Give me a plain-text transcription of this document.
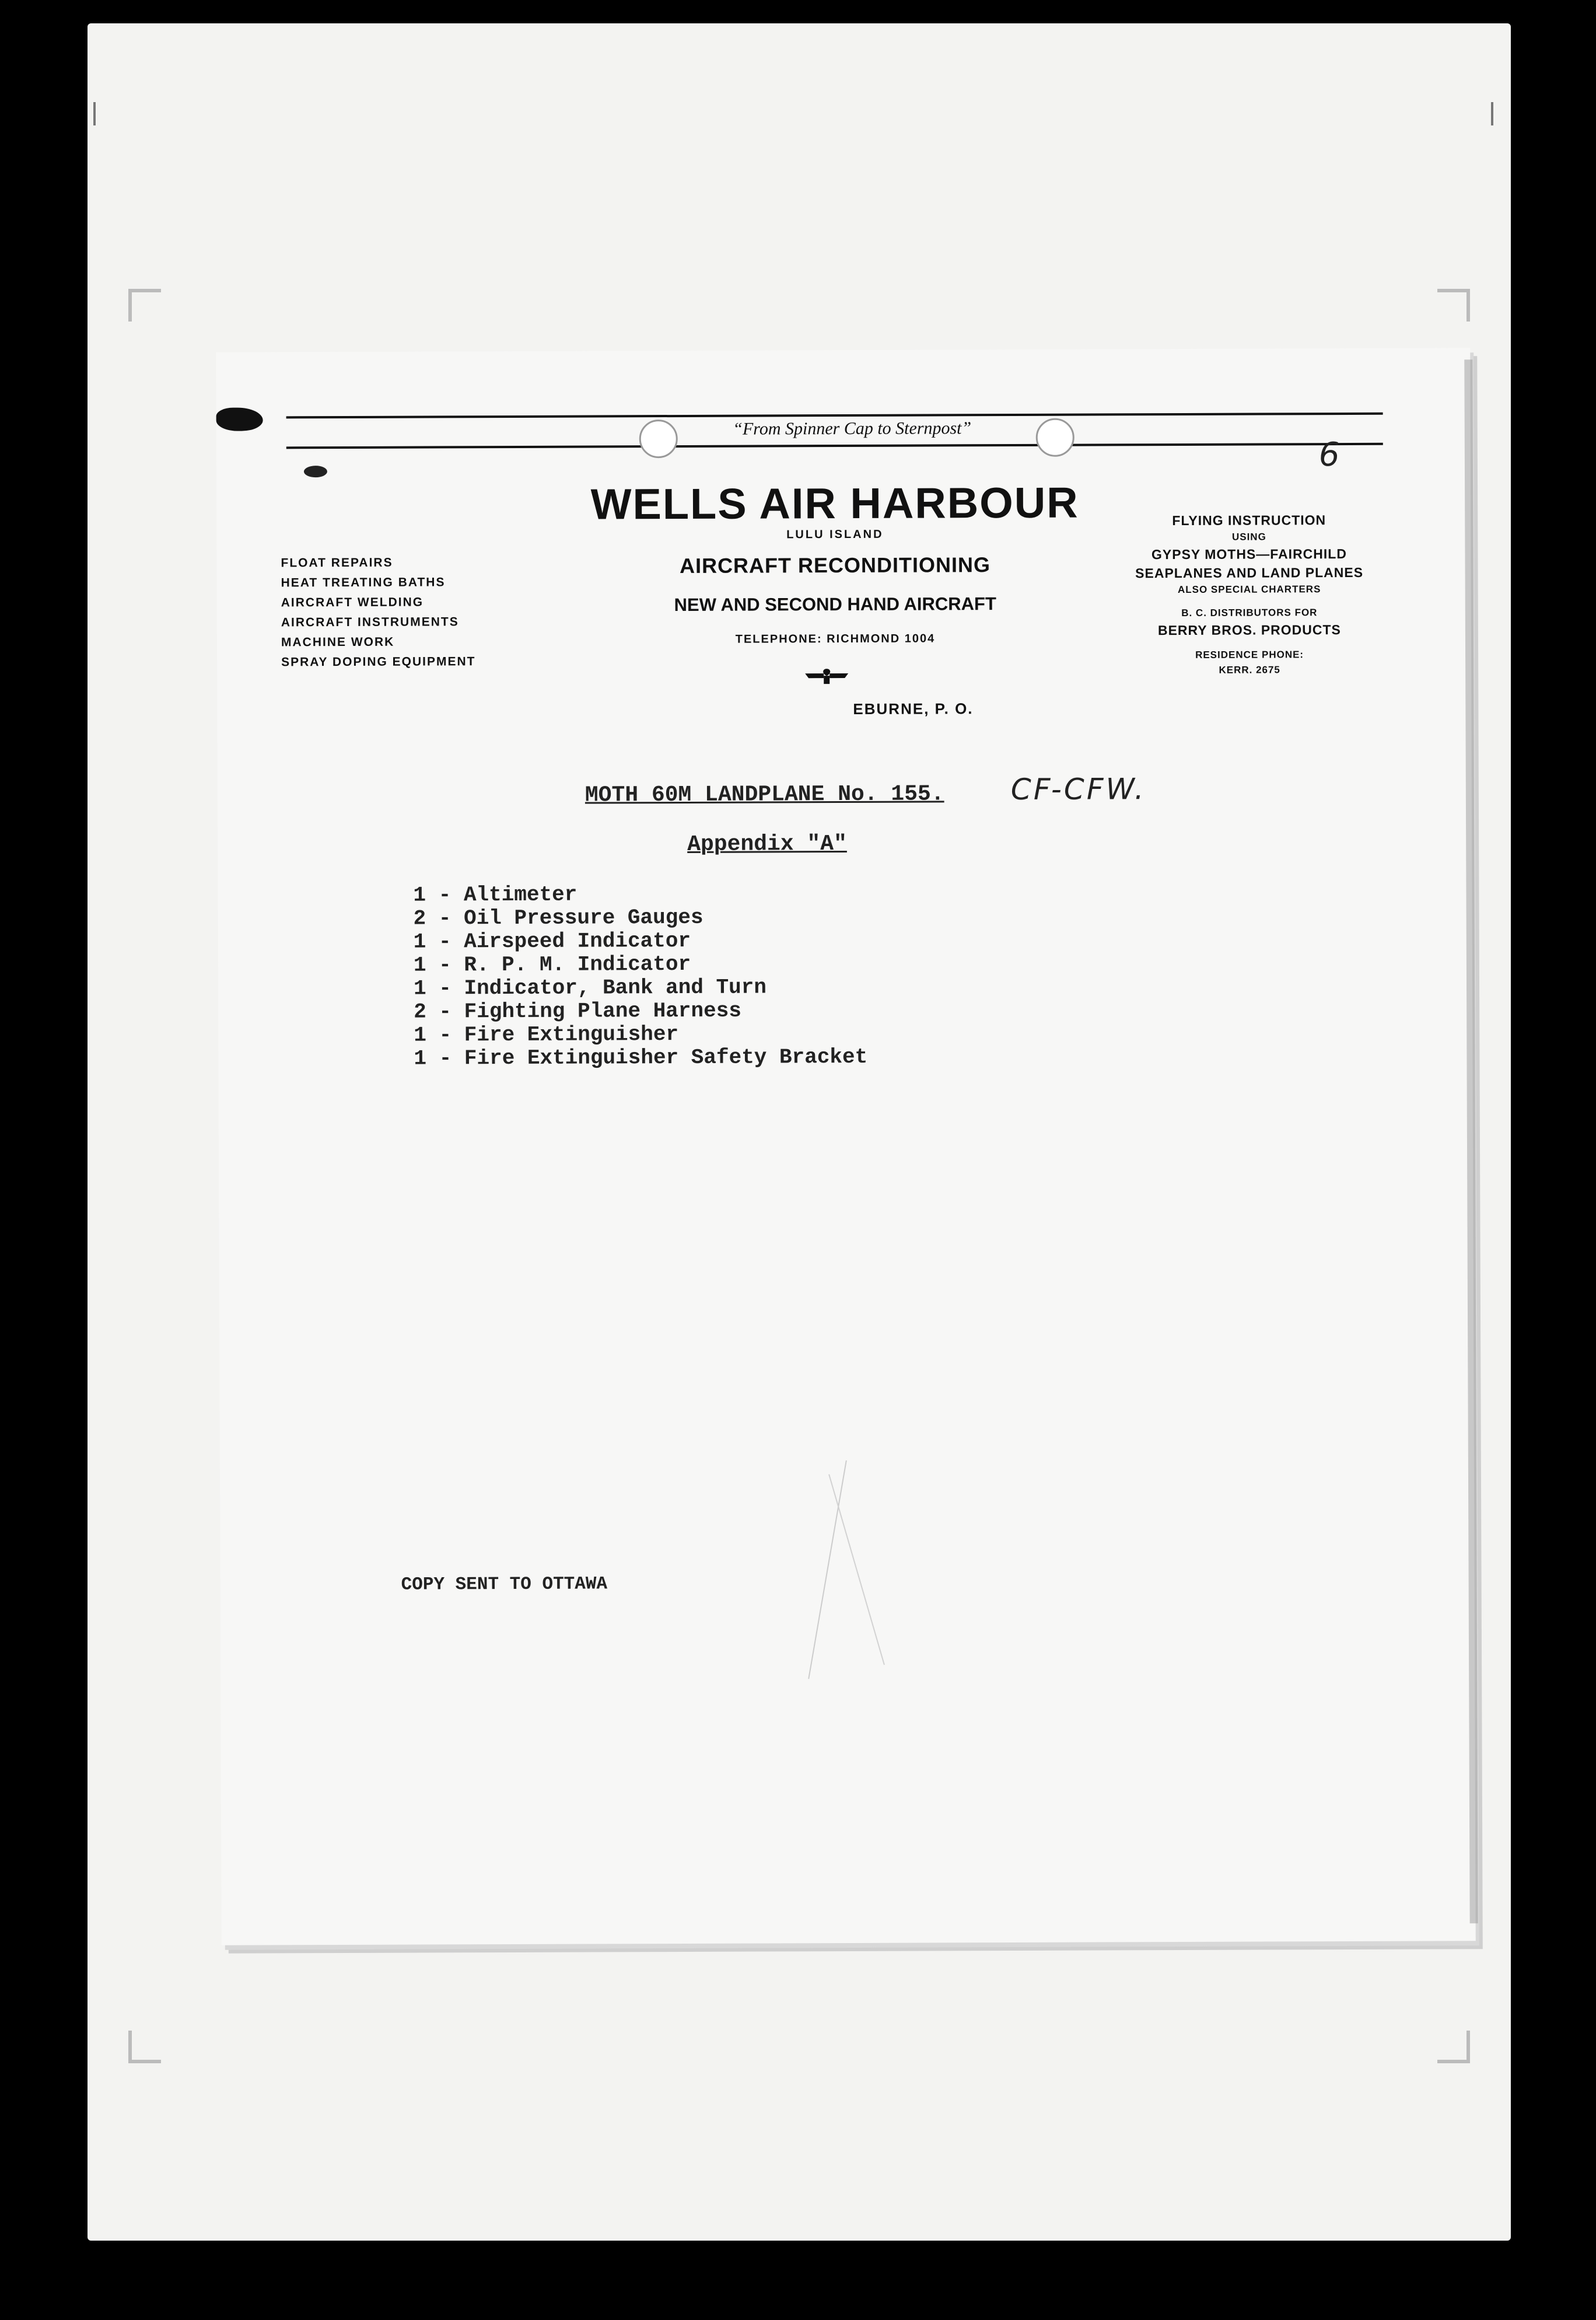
“From Spinner Cap to Sternpost”
6
WELLS AIR HARBOUR
LULU ISLAND
AIRCRAFT RECONDITIONING
NEW AND SECOND HAND AIRCRAFT
TELEPHONE: RICHMOND 1004
EBURNE, P. O.
FLOAT REPAIRS
HEAT TREATING BATHS
AIRCRAFT WELDING
AIRCRAFT INSTRUMENTS
MACHINE WORK
SPRAY DOPING EQUIPMENT
FLYING INSTRUCTION
USING
GYPSY MOTHS—FAIRCHILD
SEAPLANES AND LAND PLANES
ALSO SPECIAL CHARTERS
B. C. DISTRIBUTORS FOR
BERRY BROS. PRODUCTS
RESIDENCE PHONE:
KERR. 2675
MOTH 60M LANDPLANE No. 155. CF-CFW.
Appendix "A"
1 - Altimeter
2 - Oil Pressure Gauges
1 - Airspeed Indicator
1 - R. P. M. Indicator
1 - Indicator, Bank and Turn
2 - Fighting Plane Harness
1 - Fire Extinguisher
1 - Fire Extinguisher Safety Bracket
COPY SENT TO OTTAWA
